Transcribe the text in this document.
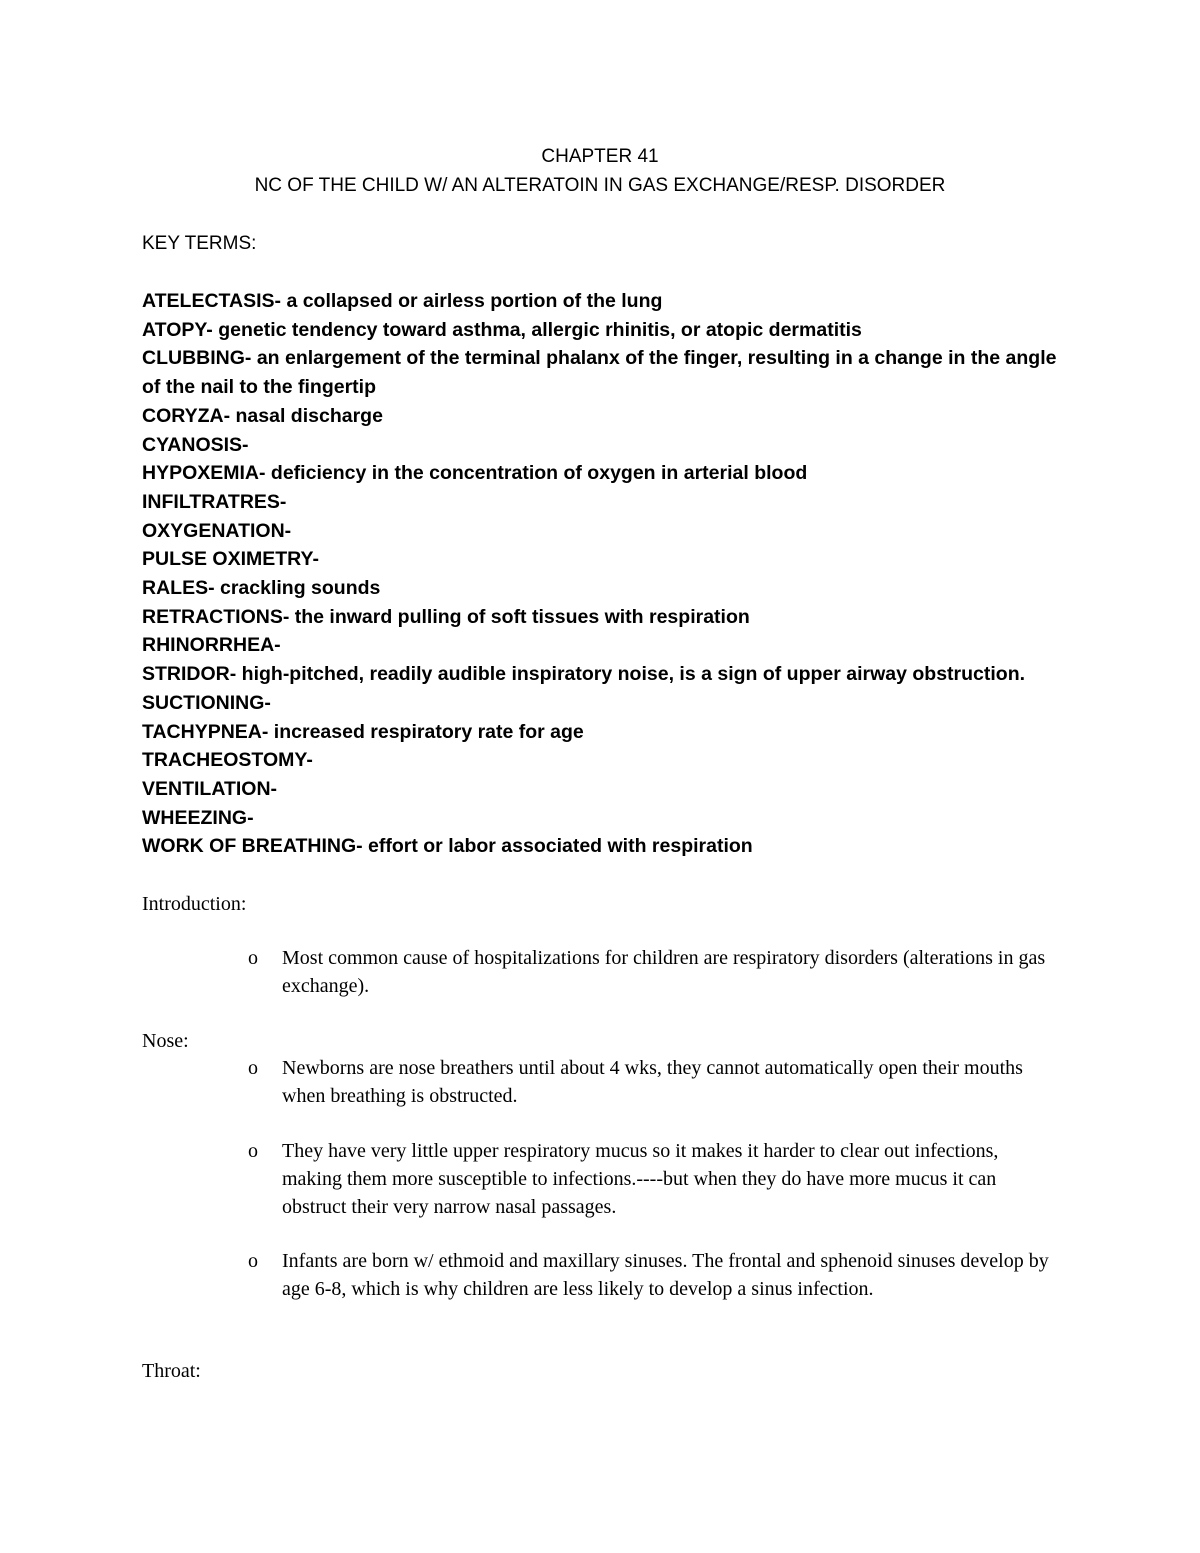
CHAPTER 41
NC OF THE CHILD W/ AN ALTERATOIN IN GAS EXCHANGE/RESP. DISORDER
KEY TERMS:
ATELECTASIS- a collapsed or airless portion of the lung
ATOPY- genetic tendency toward asthma, allergic rhinitis, or atopic dermatitis
CLUBBING- an enlargement of the terminal phalanx of the finger, resulting in a change in the angle of the nail to the fingertip
CORYZA- nasal discharge
CYANOSIS-
HYPOXEMIA- deficiency in the concentration of oxygen in arterial blood
INFILTRATRES-
OXYGENATION-
PULSE OXIMETRY-
RALES- crackling sounds
RETRACTIONS- the inward pulling of soft tissues with respiration
RHINORRHEA-
STRIDOR- high-pitched, readily audible inspiratory noise, is a sign of upper airway obstruction.
SUCTIONING-
TACHYPNEA- increased respiratory rate for age
TRACHEOSTOMY-
VENTILATION-
WHEEZING-
WORK OF BREATHING- effort or labor associated with respiration
Introduction:
o Most common cause of hospitalizations for children are respiratory disorders (alterations in gas exchange).
Nose:
o Newborns are nose breathers until about 4 wks, they cannot automatically open their mouths when breathing is obstructed.
o They have very little upper respiratory mucus so it makes it harder to clear out infections, making them more susceptible to infections.----but when they do have more mucus it can obstruct their very narrow nasal passages.
o Infants are born w/ ethmoid and maxillary sinuses. The frontal and sphenoid sinuses develop by age 6-8, which is why children are less likely to develop a sinus infection.
Throat:
